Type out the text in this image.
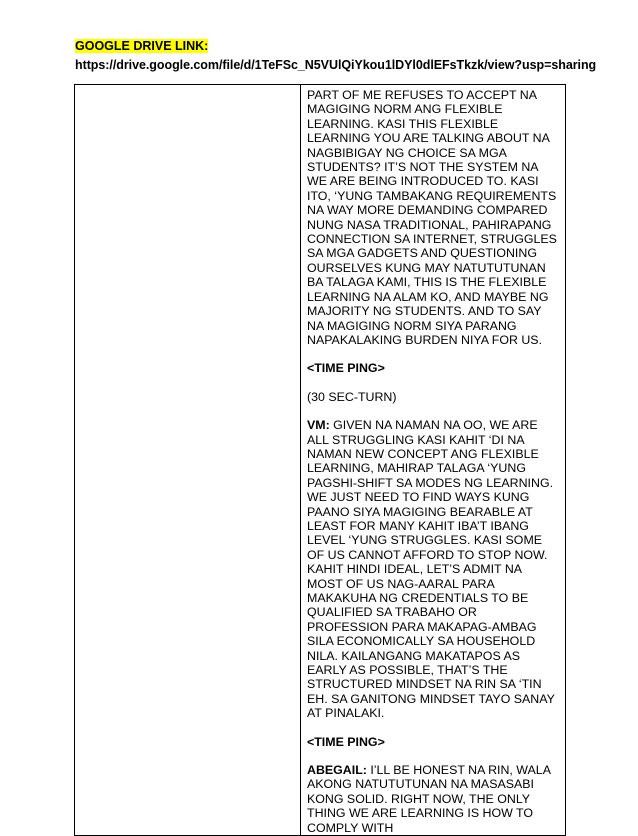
GOOGLE DRIVE LINK:
https://drive.google.com/file/d/1TeFSc_N5VUlQiYkou1lDYl0dlEFsTkzk/view?usp=sharing

PART OF ME REFUSES TO ACCEPT NA MAGIGING NORM ANG FLEXIBLE LEARNING. KASI THIS FLEXIBLE LEARNING YOU ARE TALKING ABOUT NA NAGBIBIGAY NG CHOICE SA MGA STUDENTS? IT’S NOT THE SYSTEM NA WE ARE BEING INTRODUCED TO. KASI ITO, ‘YUNG TAMBAKANG REQUIREMENTS NA WAY MORE DEMANDING COMPARED NUNG NASA TRADITIONAL, PAHIRAPANG CONNECTION SA INTERNET, STRUGGLES SA MGA GADGETS AND QUESTIONING OURSELVES KUNG MAY NATUTUTUNAN BA TALAGA KAMI, THIS IS THE FLEXIBLE LEARNING NA ALAM KO, AND MAYBE NG MAJORITY NG STUDENTS. AND TO SAY NA MAGIGING NORM SIYA PARANG NAPAKALAKING BURDEN NIYA FOR US.

<TIME PING>

(30 SEC-TURN)

VM: GIVEN NA NAMAN NA OO, WE ARE ALL STRUGGLING KASI KAHIT ‘DI NA NAMAN NEW CONCEPT ANG FLEXIBLE LEARNING, MAHIRAP TALAGA ‘YUNG PAGSHI-SHIFT SA MODES NG LEARNING. WE JUST NEED TO FIND WAYS KUNG PAANO SIYA MAGIGING BEARABLE AT LEAST FOR MANY KAHIT IBA’T IBANG LEVEL ‘YUNG STRUGGLES. KASI SOME OF US CANNOT AFFORD TO STOP NOW. KAHIT HINDI IDEAL, LET’S ADMIT NA MOST OF US NAG-AARAL PARA MAKAKUHA NG CREDENTIALS TO BE QUALIFIED SA TRABAHO OR PROFESSION PARA MAKAPAG-AMBAG SILA ECONOMICALLY SA HOUSEHOLD NILA. KAILANGANG MAKATAPOS AS EARLY AS POSSIBLE, THAT’S THE STRUCTURED MINDSET NA RIN SA ‘TIN EH. SA GANITONG MINDSET TAYO SANAY AT PINALAKI.

<TIME PING>

ABEGAIL: I’LL BE HONEST NA RIN, WALA AKONG NATUTUTUNAN NA MASASABI KONG SOLID. RIGHT NOW, THE ONLY THING WE ARE LEARNING IS HOW TO COMPLY WITH
